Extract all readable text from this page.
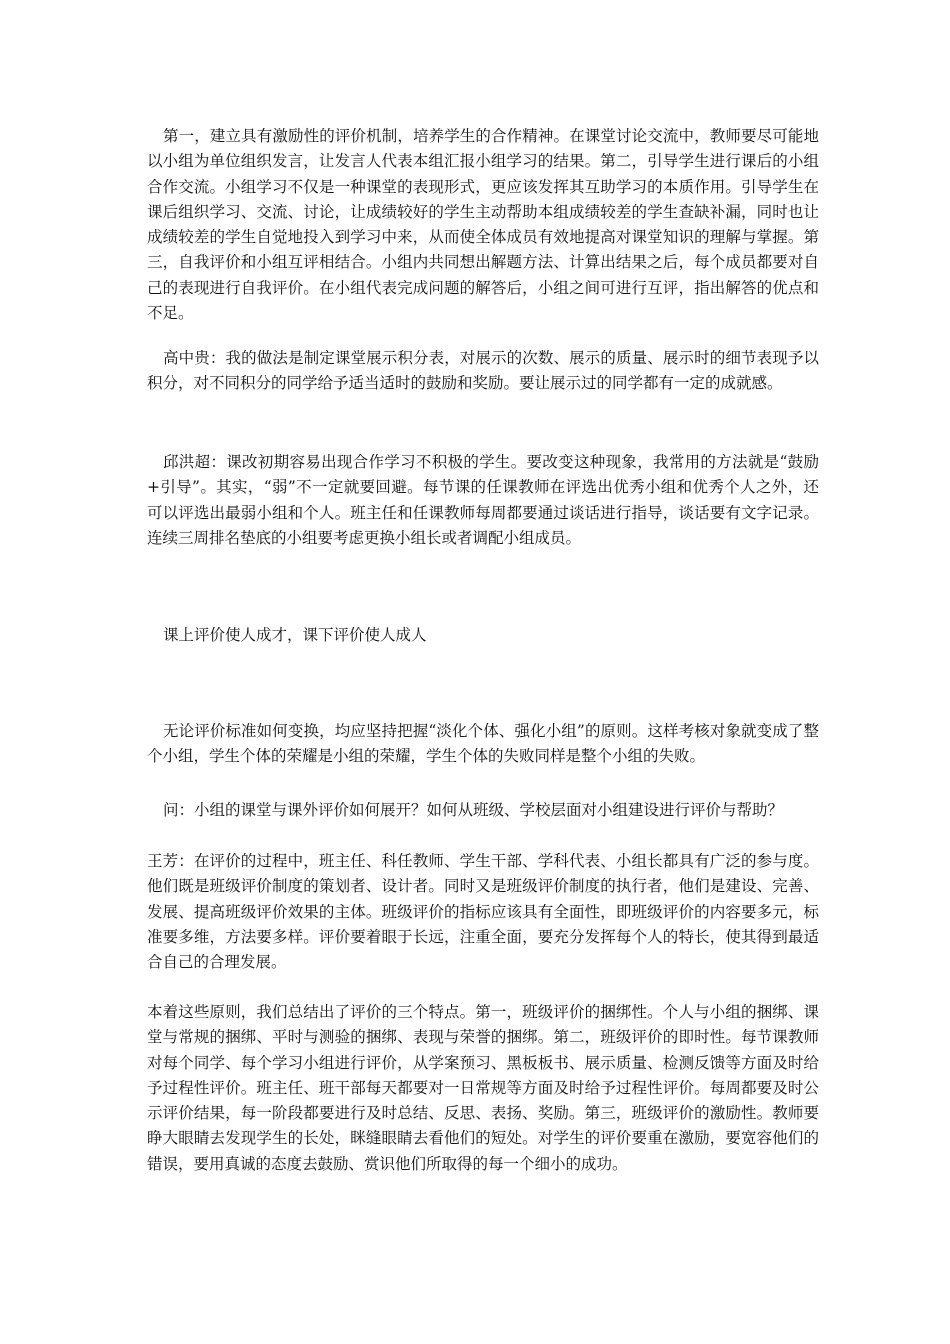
第一，建立具有激励性的评价机制，培养学生的合作精神。在课堂讨论交流中，教师要尽可能地以小组为单位组织发言，让发言人代表本组汇报小组学习的结果。第二，引导学生进行课后的小组合作交流。小组学习不仅是一种课堂的表现形式，更应该发挥其互助学习的本质作用。引导学生在课后组织学习、交流、讨论，让成绩较好的学生主动帮助本组成绩较差的学生查缺补漏，同时也让成绩较差的学生自觉地投入到学习中来，从而使全体成员有效地提高对课堂知识的理解与掌握。第三，自我评价和小组互评相结合。小组内共同想出解题方法、计算出结果之后，每个成员都要对自己的表现进行自我评价。在小组代表完成问题的解答后，小组之间可进行互评，指出解答的优点和不足。

高中贵：我的做法是制定课堂展示积分表，对展示的次数、展示的质量、展示时的细节表现予以积分，对不同积分的同学给予适当适时的鼓励和奖励。要让展示过的同学都有一定的成就感。

邱洪超：课改初期容易出现合作学习不积极的学生。要改变这种现象，我常用的方法就是“鼓励+引导”。其实，“弱”不一定就要回避。每节课的任课教师在评选出优秀小组和优秀个人之外，还可以评选出最弱小组和个人。班主任和任课教师每周都要通过谈话进行指导，谈话要有文字记录。连续三周排名垫底的小组要考虑更换小组长或者调配小组成员。

课上评价使人成才，课下评价使人成人

无论评价标准如何变换，均应坚持把握“淡化个体、强化小组”的原则。这样考核对象就变成了整个小组，学生个体的荣耀是小组的荣耀，学生个体的失败同样是整个小组的失败。

问：小组的课堂与课外评价如何展开？如何从班级、学校层面对小组建设进行评价与帮助？

王芳：在评价的过程中，班主任、科任教师、学生干部、学科代表、小组长都具有广泛的参与度。他们既是班级评价制度的策划者、设计者。同时又是班级评价制度的执行者，他们是建设、完善、发展、提高班级评价效果的主体。班级评价的指标应该具有全面性，即班级评价的内容要多元，标准要多维，方法要多样。评价要着眼于长远，注重全面，要充分发挥每个人的特长，使其得到最适合自己的合理发展。

本着这些原则，我们总结出了评价的三个特点。第一，班级评价的捆绑性。个人与小组的捆绑、课堂与常规的捆绑、平时与测验的捆绑、表现与荣誉的捆绑。第二，班级评价的即时性。每节课教师对每个同学、每个学习小组进行评价，从学案预习、黑板板书、展示质量、检测反馈等方面及时给予过程性评价。班主任、班干部每天都要对一日常规等方面及时给予过程性评价。每周都要及时公示评价结果，每一阶段都要进行及时总结、反思、表扬、奖励。第三，班级评价的激励性。教师要睁大眼睛去发现学生的长处，眯缝眼睛去看他们的短处。对学生的评价要重在激励，要宽容他们的错误，要用真诚的态度去鼓励、赏识他们所取得的每一个细小的成功。
